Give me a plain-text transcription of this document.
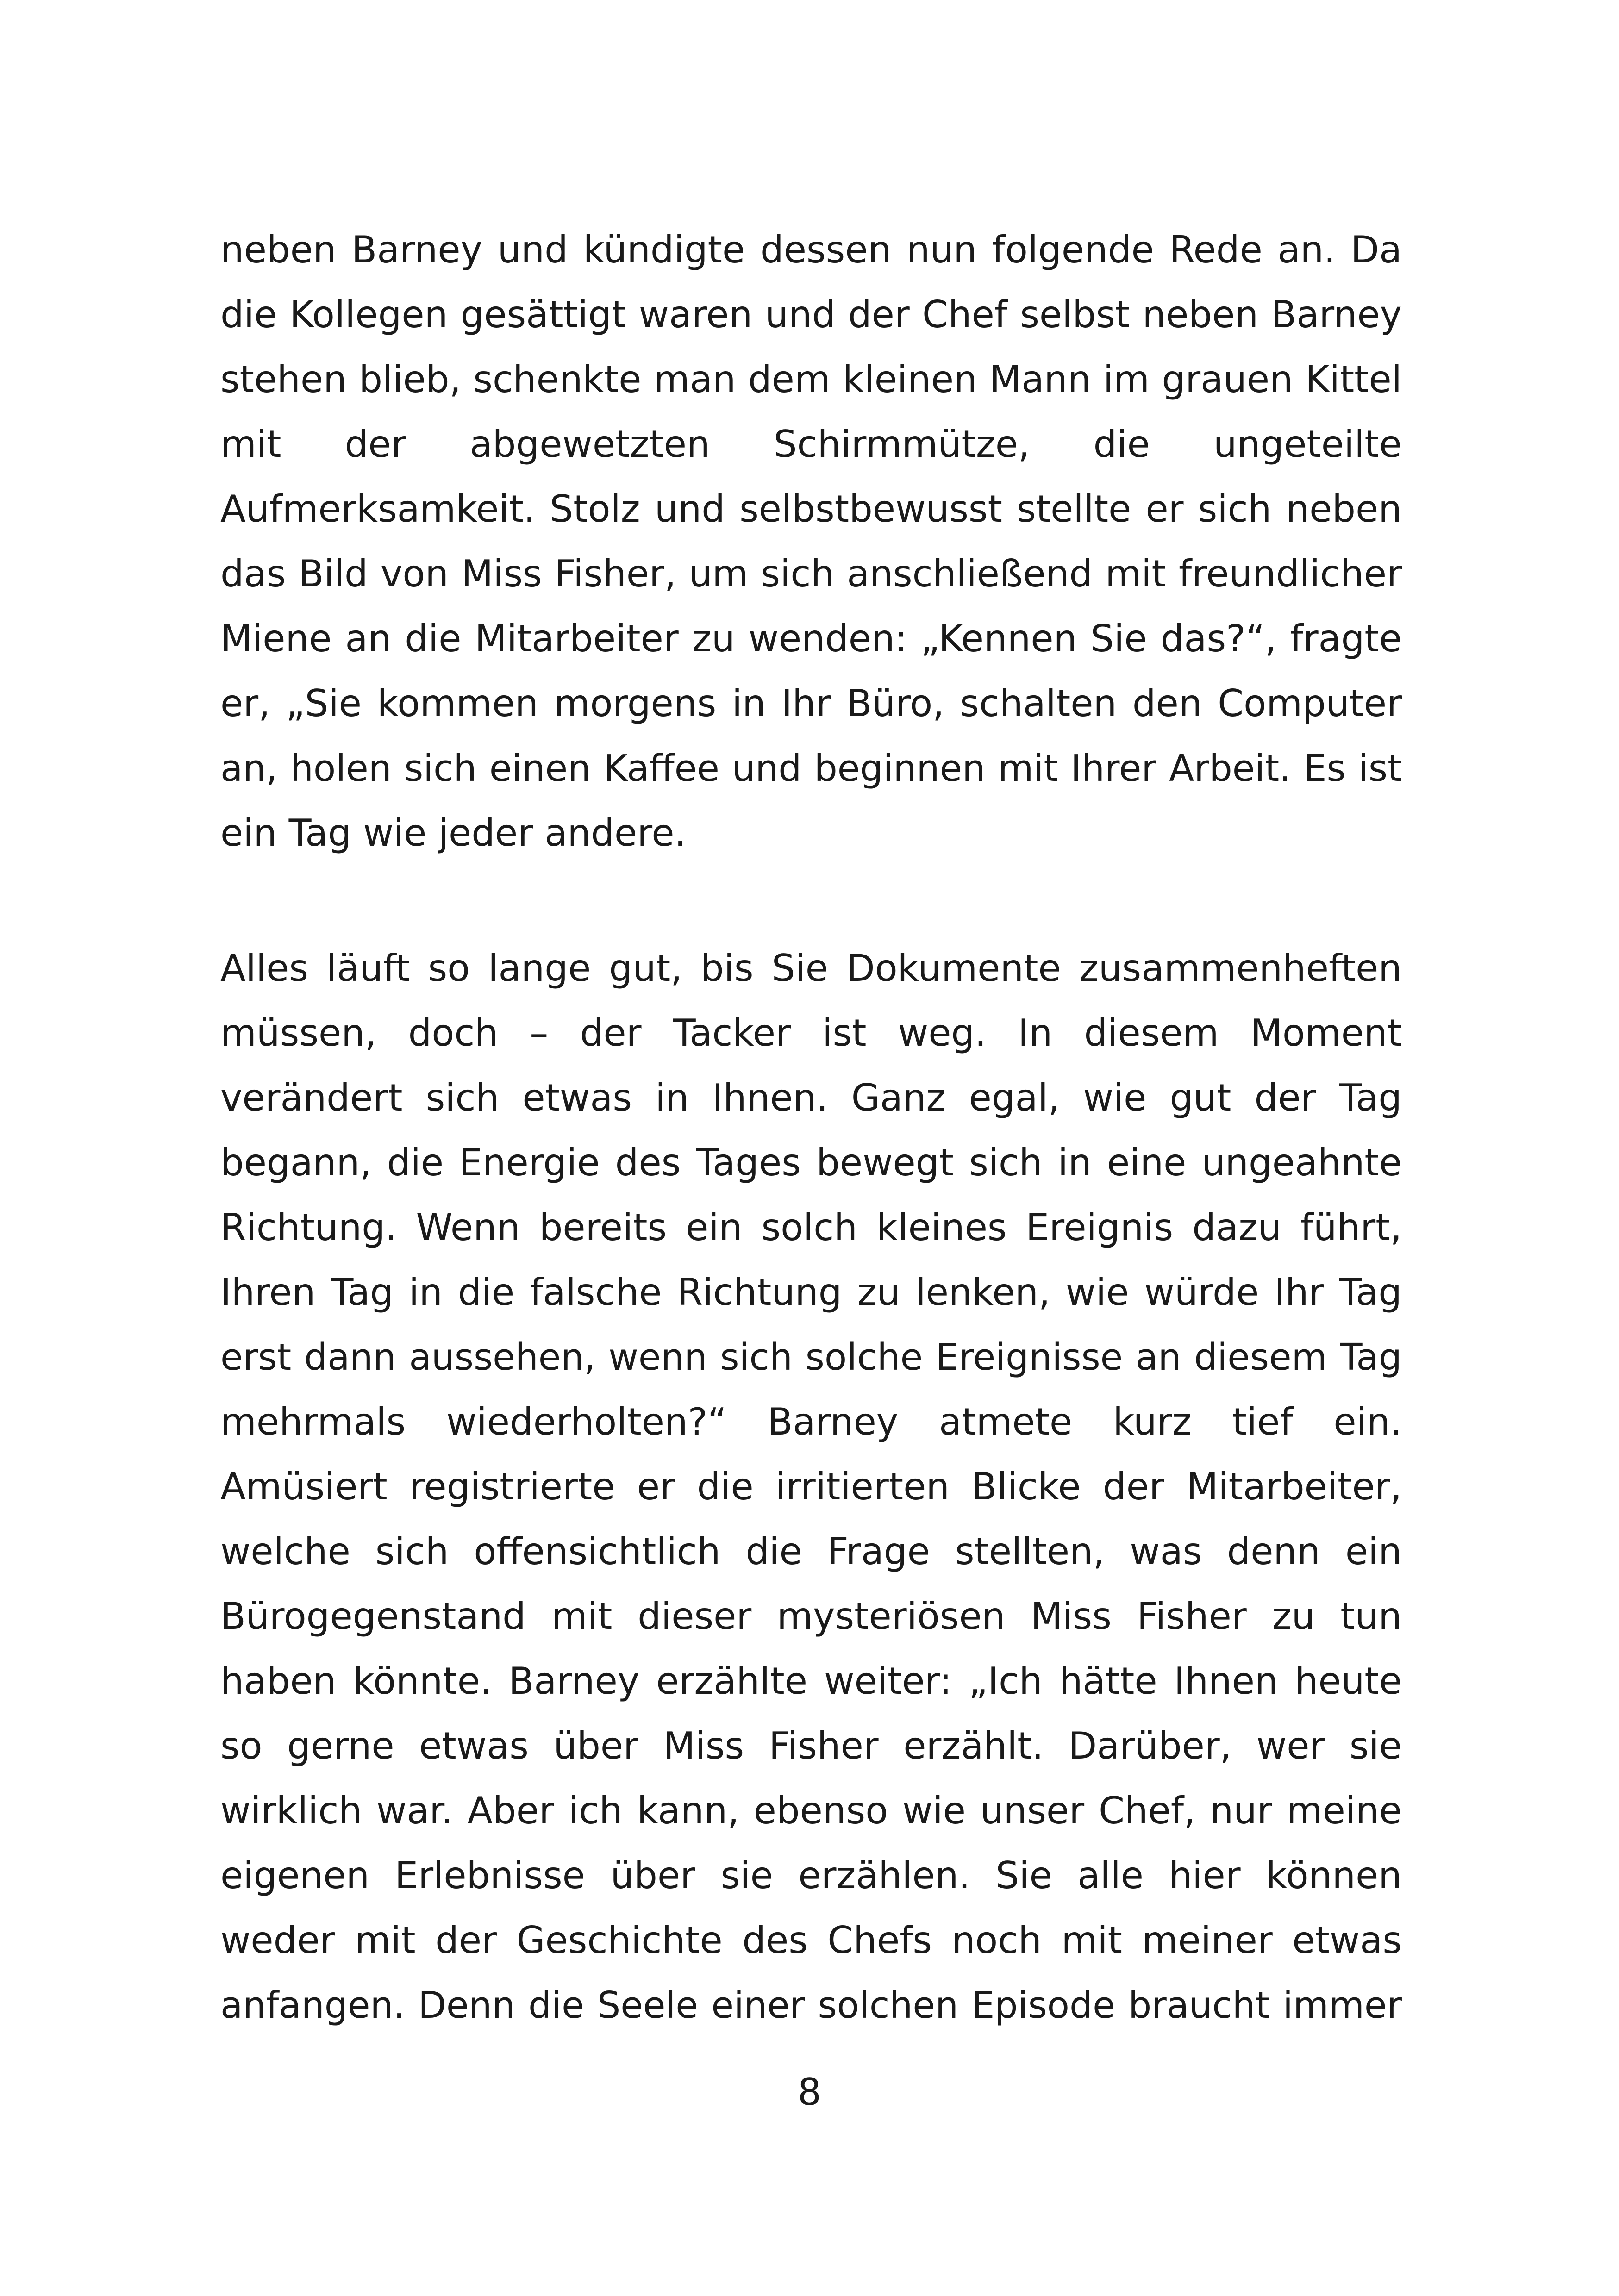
neben Barney und kündigte dessen nun folgende Rede an. Da
die Kollegen gesättigt waren und der Chef selbst neben Barney
stehen blieb, schenkte man dem kleinen Mann im grauen Kittel
mit der abgewetzten Schirmmütze, die ungeteilte
Aufmerksamkeit. Stolz und selbstbewusst stellte er sich neben
das Bild von Miss Fisher, um sich anschließend mit freundlicher
Miene an die Mitarbeiter zu wenden: „Kennen Sie das?“, fragte
er, „Sie kommen morgens in Ihr Büro, schalten den Computer
an, holen sich einen Kaffee und beginnen mit Ihrer Arbeit. Es ist
ein Tag wie jeder andere.
Alles läuft so lange gut, bis Sie Dokumente zusammenheften
müssen, doch – der Tacker ist weg. In diesem Moment
verändert sich etwas in Ihnen. Ganz egal, wie gut der Tag
begann, die Energie des Tages bewegt sich in eine ungeahnte
Richtung. Wenn bereits ein solch kleines Ereignis dazu führt,
Ihren Tag in die falsche Richtung zu lenken, wie würde Ihr Tag
erst dann aussehen, wenn sich solche Ereignisse an diesem Tag
mehrmals wiederholten?“ Barney atmete kurz tief ein.
Amüsiert registrierte er die irritierten Blicke der Mitarbeiter,
welche sich offensichtlich die Frage stellten, was denn ein
Bürogegenstand mit dieser mysteriösen Miss Fisher zu tun
haben könnte. Barney erzählte weiter: „Ich hätte Ihnen heute
so gerne etwas über Miss Fisher erzählt. Darüber, wer sie
wirklich war. Aber ich kann, ebenso wie unser Chef, nur meine
eigenen Erlebnisse über sie erzählen. Sie alle hier können
weder mit der Geschichte des Chefs noch mit meiner etwas
anfangen. Denn die Seele einer solchen Episode braucht immer
8
